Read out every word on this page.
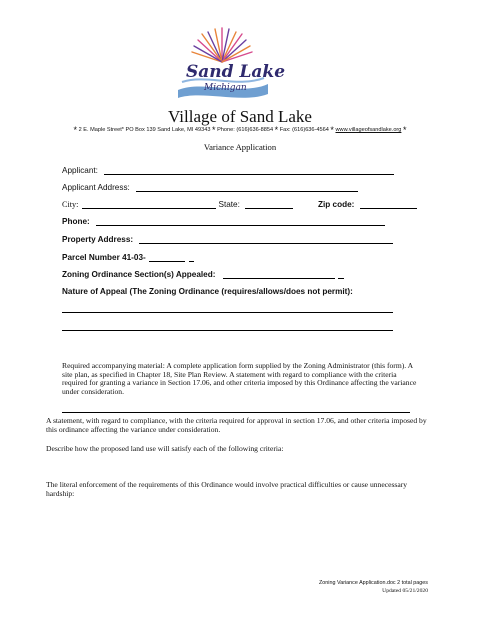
Sand Lake
Michigan
Village of Sand Lake
* 2 E. Maple Street* PO Box 139 Sand Lake, MI 49343 * Phone: (616)636-8854 * Fax: (616)636-4564 * www.villageofsandlake.org *
Variance Application
Applicant:
Applicant Address:
City:	State:	Zip code:
Phone:
Property Address:
Parcel Number 41-03-
Zoning Ordinance Section(s) Appealed:
Nature of Appeal (The Zoning Ordinance (requires/allows/does not permit):
Required accompanying material: A complete application form supplied by the Zoning Administrator (this form). A site plan, as specified in Chapter 18, Site Plan Review. A statement with regard to compliance with the criteria required for granting a variance in Section 17.06, and other criteria imposed by this Ordinance affecting the variance under consideration.
A statement, with regard to compliance, with the criteria required for approval in section 17.06, and other criteria imposed by this ordinance affecting the variance under consideration.
Describe how the proposed land use will satisfy each of the following criteria:
The literal enforcement of the requirements of this Ordinance would involve practical difficulties or cause unnecessary hardship:
Zoning Variance Application.doc 2 total pages
Updated 05/21/2020
